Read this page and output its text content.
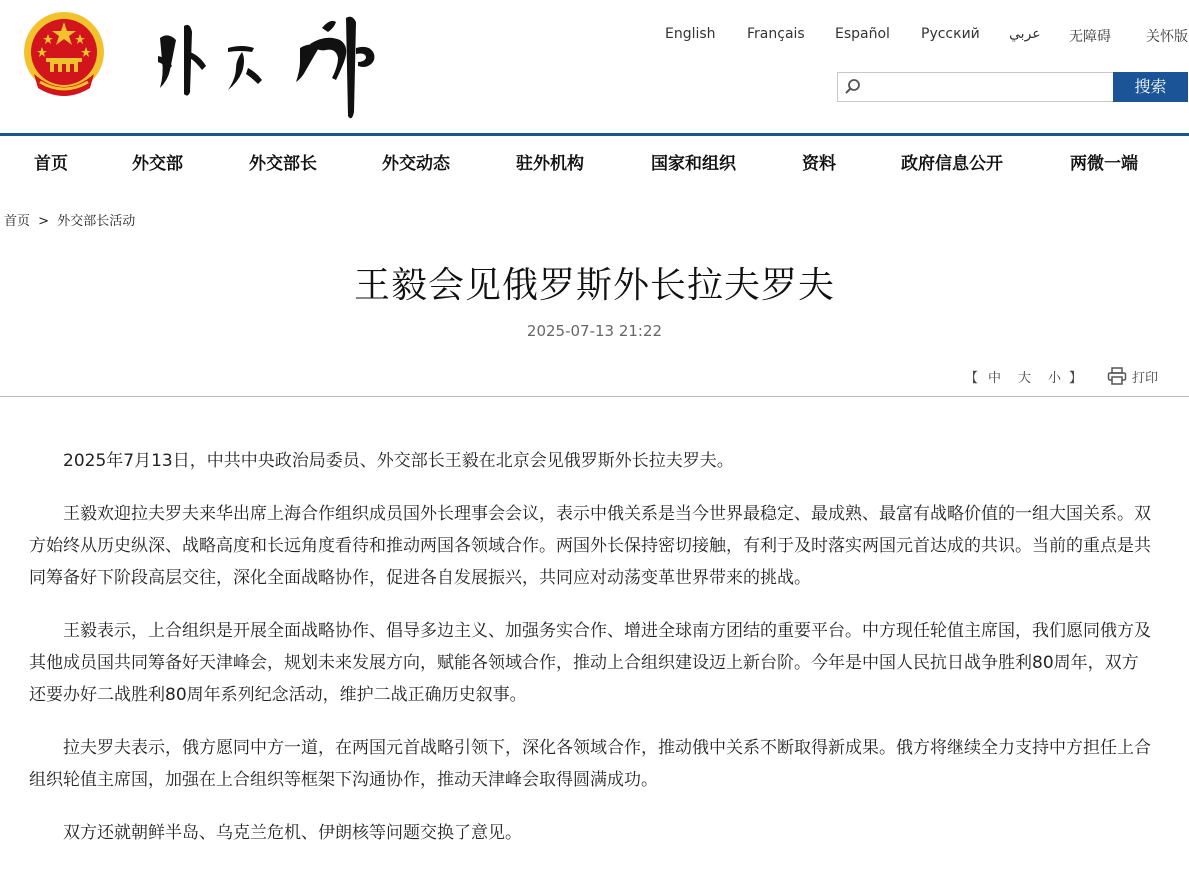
English Français Español Русский عربي 无障碍	关怀版
搜索
首页	外交部	外交部长	外交动态	驻外机构	国家和组织	资料	政府信息公开	两微一端
首页 > 外交部长活动
王毅会见俄罗斯外长拉夫罗夫
2025-07-13 21:22
【 中 大 小 】	打印

2025年7月13日，中共中央政治局委员、外交部长王毅在北京会见俄罗斯外长拉夫罗夫。

王毅欢迎拉夫罗夫来华出席上海合作组织成员国外长理事会会议，表示中俄关系是当今世界最稳定、最成熟、最富有战略价值的一组大国关系。双方始终从历史纵深、战略高度和长远角度看待和推动两国各领域合作。两国外长保持密切接触，有利于及时落实两国元首达成的共识。当前的重点是共同筹备好下阶段高层交往，深化全面战略协作，促进各自发展振兴，共同应对动荡变革世界带来的挑战。

王毅表示，上合组织是开展全面战略协作、倡导多边主义、加强务实合作、增进全球南方团结的重要平台。中方现任轮值主席国，我们愿同俄方及其他成员国共同筹备好天津峰会，规划未来发展方向，赋能各领域合作，推动上合组织建设迈上新台阶。今年是中国人民抗日战争胜利80周年，双方还要办好二战胜利80周年系列纪念活动，维护二战正确历史叙事。

拉夫罗夫表示，俄方愿同中方一道，在两国元首战略引领下，深化各领域合作，推动俄中关系不断取得新成果。俄方将继续全力支持中方担任上合组织轮值主席国，加强在上合组织等框架下沟通协作，推动天津峰会取得圆满成功。

双方还就朝鲜半岛、乌克兰危机、伊朗核等问题交换了意见。
